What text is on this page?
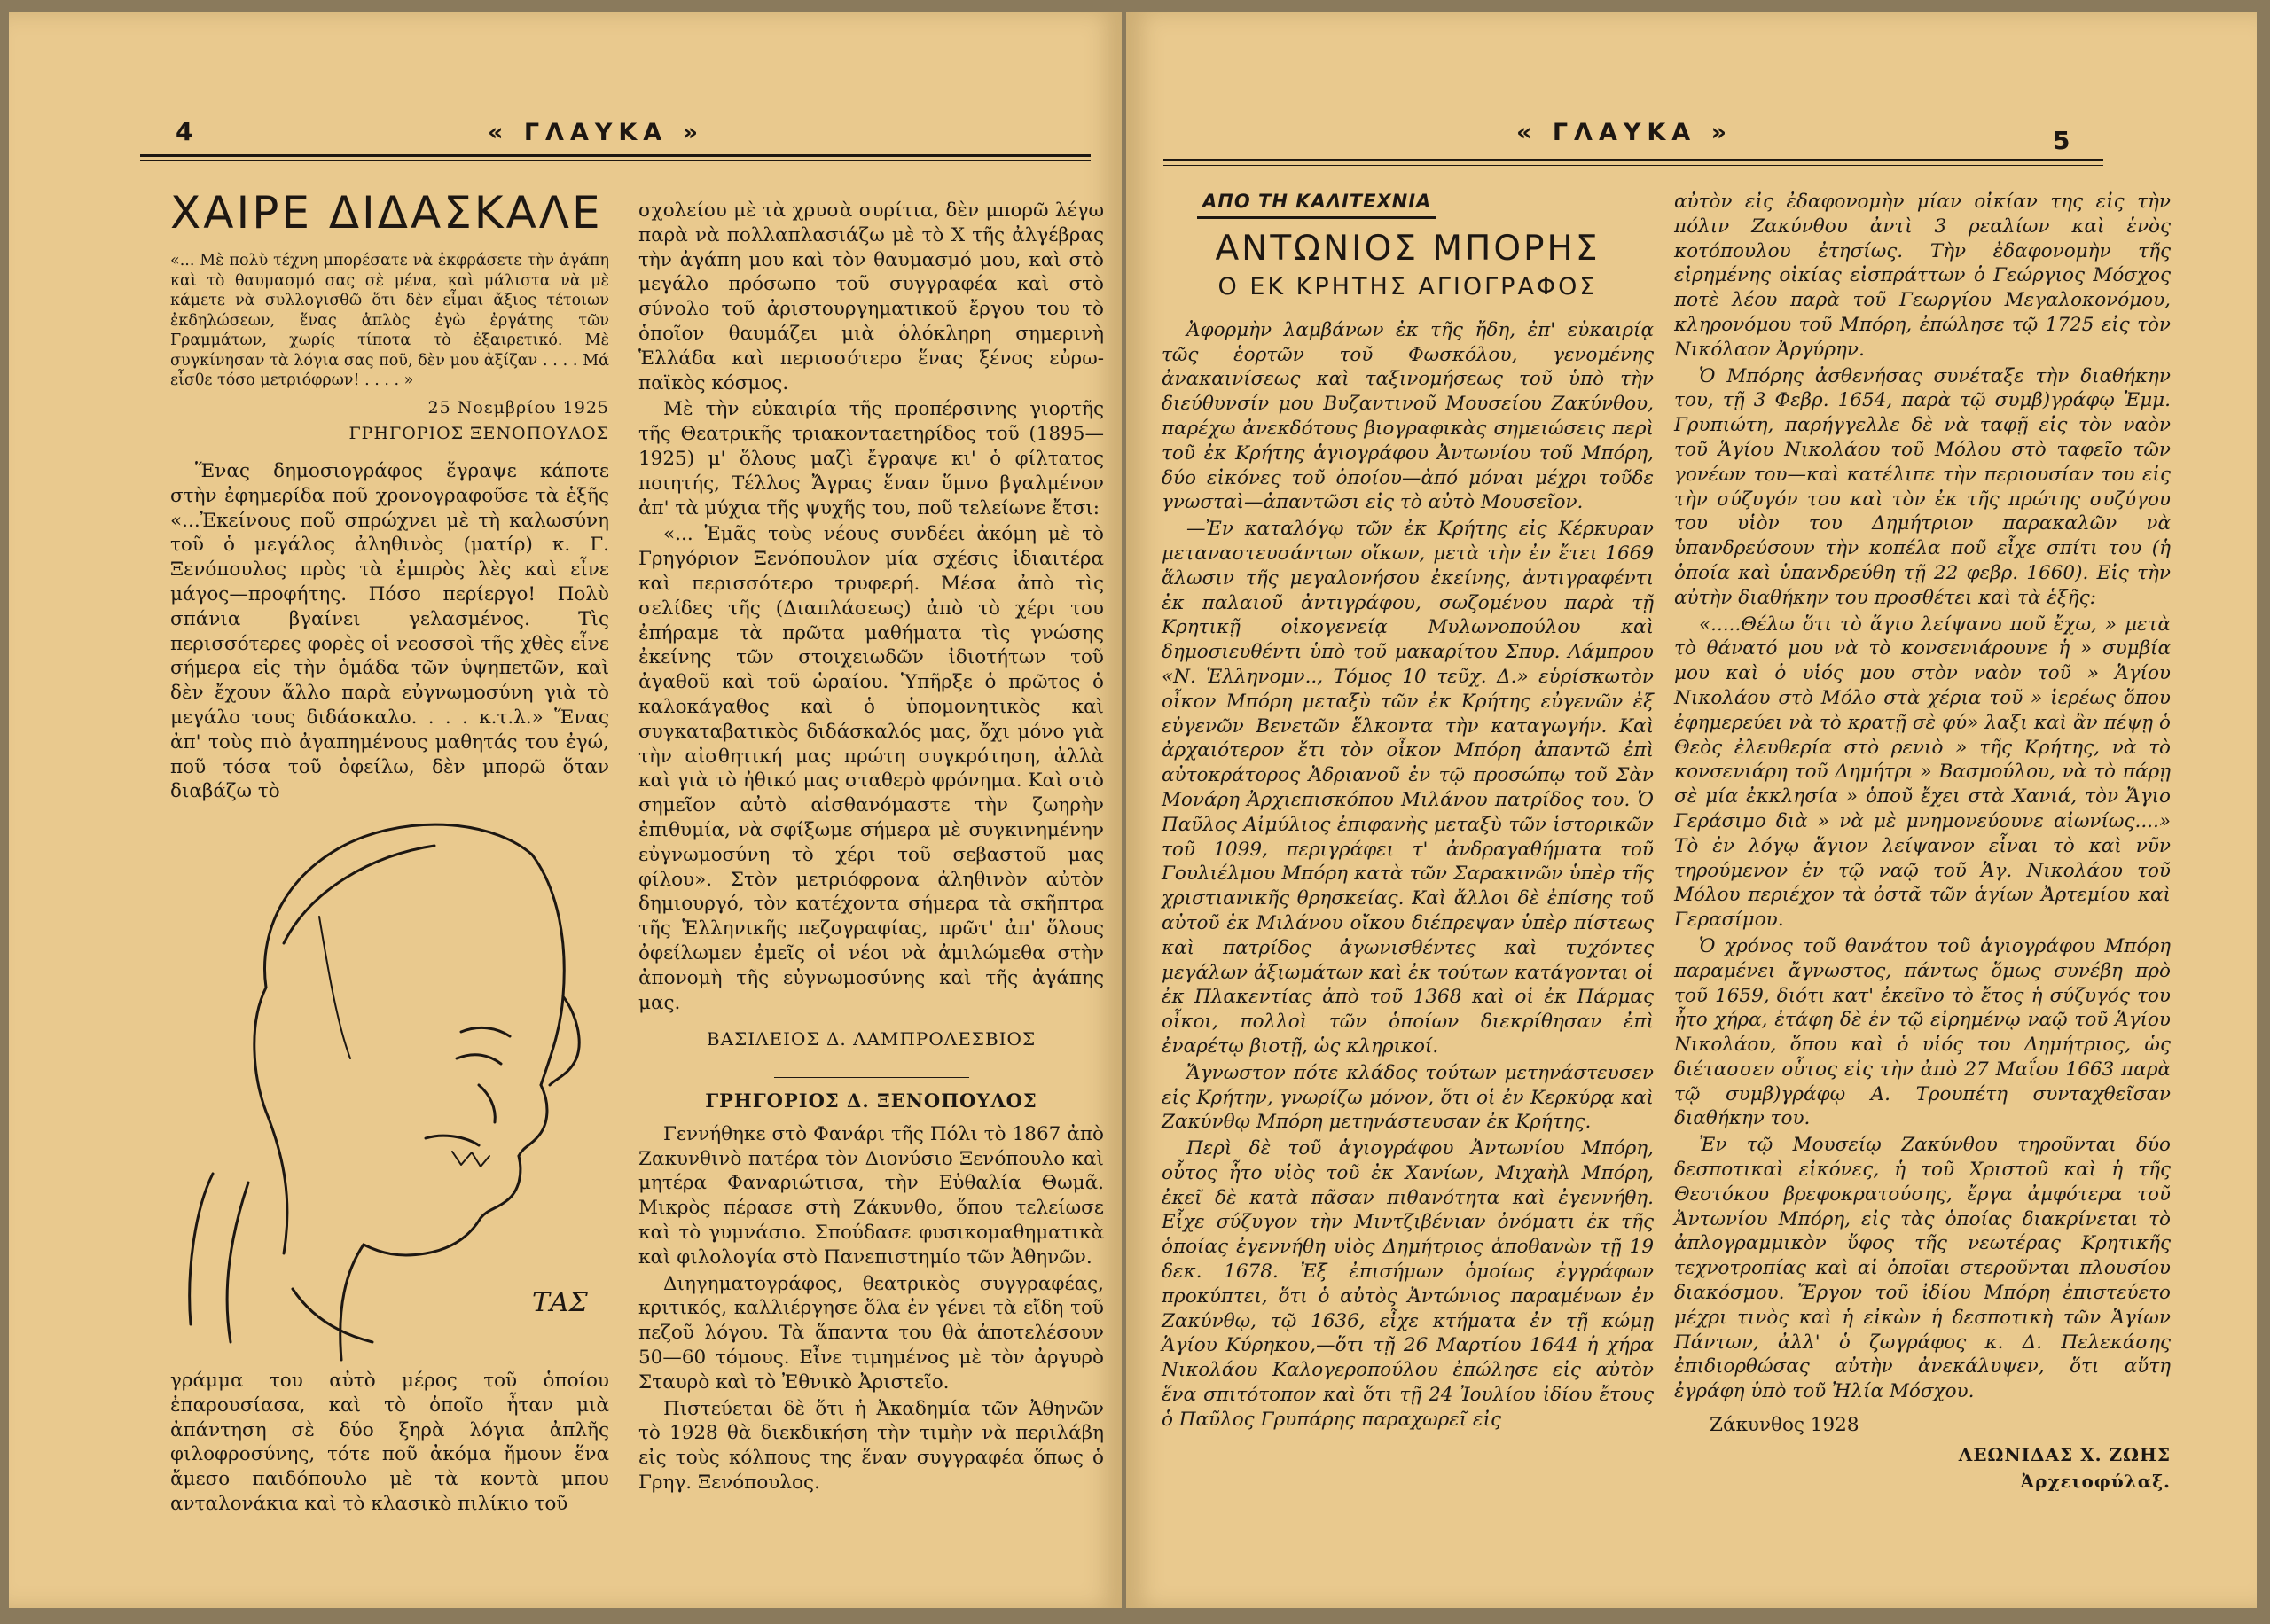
4	« ΓΛΑΥΚΑ »
ΧΑΙΡΕ ΔΙΔΑΣΚΑΛΕ

«... Μὲ πολὺ τέχνη μπορέσατε νὰ ἐκφράσετε τὴν ἀγάπη καὶ τὸ θαυμασμό σας σὲ μένα, καὶ μάλιστα νὰ μὲ κάμετε νὰ συλλογισθῶ ὅτι δὲν εἶμαι ἄξιος τέτοιων ἐκδηλώσεων, ἕνας ἁπλὸς ἐγὼ ἐργάτης τῶν Γραμμάτων, χωρίς τίποτα τὸ ἐξαιρετικό. Μὲ συγκίνησαν τὰ λόγια σας ποῦ, δὲν μου ἀξίζαν . . . . Μά εἶσθε τόσο μετριόφρων! . . . . »

25 Νοεμβρίου 1925

ΓΡΗΓΟΡΙΟΣ ΞΕΝΟΠΟΥΛΟΣ

Ἕνας δημοσιογράφος ἔγραψε κάποτε στὴν ἐφημερίδα ποῦ χρονογραφοῦσε τὰ ἑξῆς «...Ἐκείνους ποῦ σπρώχνει μὲ τὴ καλωσύνη τοῦ ὁ μεγάλος ἀληθινὸς (ματίρ) κ. Γ. Ξενόπουλος πρὸς τὰ ἐμπρὸς λὲς καὶ εἶνε μάγος—προφήτης. Πόσο περίεργο! Πολὺ σπάνια βγαίνει γελασμένος. Τὶς περισσότερες φορὲς οἱ νεοσσοὶ τῆς χθὲς εἶνε σήμερα εἰς τὴν ὁμάδα τῶν ὑψηπετῶν, καὶ δὲν ἔχουν ἄλλο παρὰ εὐγνωμοσύνη γιὰ τὸ μεγάλο τους διδάσκαλο. . . . κ.τ.λ.» Ἕνας ἀπ' τοὺς πιὸ ἀγαπημένους μαθητάς του ἐγώ, ποῦ τόσα τοῦ ὀφείλω, δὲν μπορῶ ὅταν διαβάζω τὸ

ΤΑΣ

γράμμα του αὐτὸ μέρος τοῦ ὁποίου ἐπαρουσίασα, καὶ τὸ ὁποῖο ἦταν μιὰ ἀπάντηση σὲ δύο ξηρὰ λόγια ἀπλῆς φιλοφροσύνης, τότε ποῦ ἀκόμα ἤμουν ἕνα ἄμεσο παιδόπουλο μὲ τὰ κοντὰ μπου ανταλονάκια καὶ τὸ κλασικὸ πιλίκιο τοῦ

σχολείου μὲ τὰ χρυσὰ συρίτια, δὲν μπορῶ λέγω παρὰ νὰ πολλαπλασιάζω μὲ τὸ Χ τῆς ἀλγέβρας τὴν ἀγάπη μου καὶ τὸν θαυμασμό μου, καὶ στὸ μεγάλο πρόσωπο τοῦ συγγραφέα καὶ στὸ σύνολο τοῦ ἀριστουργηματικοῦ ἔργου του τὸ ὁποῖον θαυμάζει μιὰ ὁλόκληρη σημερινὴ Ἑλλάδα καὶ περισσότερο ἕνας ξένος εὐρω-παϊκὸς κόσμος.

Μὲ τὴν εὐκαιρία τῆς προπέρσινης γιορτῆς τῆς Θεατρικῆς τριακονταετηρίδος τοῦ (1895—1925) μ' ὅλους μαζὶ ἔγραψε κι' ὁ φίλτατος ποιητής, Τέλλος Ἄγρας ἕναν ὕμνο βγαλμένον ἀπ' τὰ μύχια τῆς ψυχῆς του, ποῦ τελείωνε ἔτσι:

«... Ἐμᾶς τοὺς νέους συνδέει ἀκόμη μὲ τὸ Γρηγόριον Ξενόπουλον μία σχέσις ἰδιαιτέρα καὶ περισσότερο τρυφερή. Μέσα ἀπὸ τὶς σελίδες τῆς (Διαπλάσεως) ἀπὸ τὸ χέρι του ἐπήραμε τὰ πρῶτα μαθήματα τὶς γνώσης ἐκείνης τῶν στοιχειωδῶν ἰδιοτήτων τοῦ ἀγαθοῦ καὶ τοῦ ὡραίου. Ὑπῆρξε ὁ πρῶτος ὁ καλοκάγαθος καὶ ὁ ὑπομονητικὸς καὶ συγκαταβατικὸς διδάσκαλός μας, ὄχι μόνο γιὰ τὴν αἰσθητική μας πρώτη συγκρότηση, ἀλλὰ καὶ γιὰ τὸ ἠθικό μας σταθερὸ φρόνημα. Καὶ στὸ σημεῖον αὐτὸ αἰσθανόμαστε τὴν ζωηρὴν ἐπιθυμία, νὰ σφίξωμε σήμερα μὲ συγκινημένην εὐγνωμοσύνη τὸ χέρι τοῦ σεβαστοῦ μας φίλου». Στὸν μετριόφρονα ἀληθινὸν αὐτὸν δημιουργό, τὸν κατέχοντα σήμερα τὰ σκῆπτρα τῆς Ἑλληνικῆς πεζογραφίας, πρῶτ' ἀπ' ὅλους ὀφείλωμεν ἐμεῖς οἱ νέοι νὰ ἀμιλώμεθα στὴν ἀπονομὴ τῆς εὐγνωμοσύνης καὶ τῆς ἀγάπης μας.

ΒΑΣΙΛΕΙΟΣ Δ. ΛΑΜΠΡΟΛΕΣΒΙΟΣ

ΓΡΗΓΟΡΙΟΣ Δ. ΞΕΝΟΠΟΥΛΟΣ

Γεννήθηκε στὸ Φανάρι τῆς Πόλι τὸ 1867 ἀπὸ Ζακυνθινὸ πατέρα τὸν Διονύσιο Ξενόπουλο καὶ μητέρα Φαναριώτισα, τὴν Εὐθαλία Θωμᾶ. Μικρὸς πέρασε στὴ Ζάκυνθο, ὅπου τελείωσε καὶ τὸ γυμνάσιο. Σπούδασε φυσικομαθηματικὰ καὶ φιλολογία στὸ Πανεπιστημίο τῶν Ἀθηνῶν.

Διηγηματογράφος, θεατρικὸς συγγραφέας, κριτικός, καλλιέργησε ὅλα ἐν γένει τὰ εἴδη τοῦ πεζοῦ λόγου. Τὰ ἅπαντα του θὰ ἀποτελέσουν 50—60 τόμους. Εἶνε τιμημένος μὲ τὸν ἀργυρὸ Σταυρὸ καὶ τὸ Ἐθνικὸ Ἀριστεῖο.

Πιστεύεται δὲ ὅτι ἡ Ἀκαδημία τῶν Ἀθηνῶν τὸ 1928 θὰ διεκδικήση τὴν τιμὴν νὰ περιλάβη εἰς τοὺς κόλπους της ἕναν συγγραφέα ὅπως ὁ Γρηγ. Ξενόπουλος.

« ΓΛΑΥΚΑ »	5
ΑΠΟ ΤΗ ΚΑΛΙΤΕΧΝΙΑ
ΑΝΤΩΝΙΟΣ ΜΠΟΡΗΣ
Ο ΕΚ ΚΡΗΤΗΣ ΑΓΙΟΓΡΑΦΟΣ

Ἀφορμὴν λαμβάνων ἐκ τῆς ἤδη, ἐπ' εὐκαιρίᾳ τῶς ἑορτῶν τοῦ Φωσκόλου, γενομένης ἀνακαινίσεως καὶ ταξινομήσεως τοῦ ὑπὸ τὴν διεύθυνσίν μου Βυζαντινοῦ Μουσείου Ζακύνθου, παρέχω ἀνεκδότους βιογραφικὰς σημειώσεις περὶ τοῦ ἐκ Κρήτης ἁγιογράφου Ἀντωνίου τοῦ Μπόρη, δύο εἰκόνες τοῦ ὁποίου—ἀπό μόναι μέχρι τοῦδε γνωσταὶ—ἀπαντῶσι εἰς τὸ αὐτὸ Μουσεῖον.

—Ἐν καταλόγῳ τῶν ἐκ Κρήτης εἰς Κέρκυραν μεταναστευσάντων οἴκων, μετὰ τὴν ἐν ἔτει 1669 ἅλωσιν τῆς μεγαλονήσου ἐκείνης, ἀντιγραφέντι ἐκ παλαιοῦ ἀντιγράφου, σωζομένου παρὰ τῇ Κρητικῇ οἰκογενείᾳ Μυλωνοπούλου καὶ δημοσιευθέντι ὑπὸ τοῦ μακαρίτου Σπυρ. Λάμπρου «Ν. Ἑλληνομν.., Τόμος 10 τεῦχ. Δ.» εὑρίσκωτὸν οἶκον Μπόρη μεταξὺ τῶν ἐκ Κρήτης εὐγενῶν ἐξ εὐγενῶν Βενετῶν ἕλκοντα τὴν καταγωγήν. Καὶ ἀρχαιότερον ἔτι τὸν οἶκον Μπόρη ἀπαντῶ ἐπὶ αὐτοκράτορος Ἀδριανοῦ ἐν τῷ προσώπῳ τοῦ Σὰν Μονάρη Ἀρχιεπισκόπου Μιλάνου πατρίδος του. Ὁ Παῦλος Αἰμύλιος ἐπιφανὴς μεταξὺ τῶν ἱστορικῶν τοῦ 1099, περιγράφει τ' ἀνδραγαθήματα τοῦ Γουλιέλμου Μπόρη κατὰ τῶν Σαρακινῶν ὑπὲρ τῆς χριστιανικῆς θρησκείας. Καὶ ἄλλοι δὲ ἐπίσης τοῦ αὐτοῦ ἐκ Μιλάνου οἴκου διέπρεψαν ὑπὲρ πίστεως καὶ πατρίδος ἀγωνισθέντες καὶ τυχόντες μεγάλων ἀξιωμάτων καὶ ἐκ τούτων κατάγονται οἱ ἐκ Πλακεντίας ἀπὸ τοῦ 1368 καὶ οἱ ἐκ Πάρμας οἶκοι, πολλοὶ τῶν ὁποίων διεκρίθησαν ἐπὶ ἐναρέτῳ βιοτῇ, ὡς κληρικοί.

Ἄγνωστον πότε κλάδος τούτων μετηνάστευσεν εἰς Κρήτην, γνωρίζω μόνον, ὅτι οἱ ἐν Κερκύρᾳ καὶ Ζακύνθῳ Μπόρη μετηνάστευσαν ἐκ Κρήτης.

Περὶ δὲ τοῦ ἁγιογράφου Ἀντωνίου Μπόρη, οὗτος ἦτο υἱὸς τοῦ ἐκ Χανίων, Μιχαὴλ Μπόρη, ἐκεῖ δὲ κατὰ πᾶσαν πιθανότητα καὶ ἐγεννήθη. Εἶχε σύζυγον τὴν Μιντζιβένιαν ὀνόματι ἐκ τῆς ὁποίας ἐγεννήθη υἱὸς Δημήτριος ἀποθανὼν τῇ 19 δεκ. 1678. Ἐξ ἐπισήμων ὁμοίως ἐγγράφων προκύπτει, ὅτι ὁ αὐτὸς Ἀντώνιος παραμένων ἐν Ζακύνθῳ, τῷ 1636, εἶχε κτήματα ἐν τῇ κώμῃ Ἁγίου Κύρηκου,—ὅτι τῇ 26 Μαρτίου 1644 ἡ χήρα Νικολάου Καλογεροπούλου ἐπώλησε εἰς αὐτὸν ἕνα σπιτότοπον καὶ ὅτι τῇ 24 Ἰουλίου ἰδίου ἔτους ὁ Παῦλος Γρυπάρης παραχωρεῖ εἰς

αὐτὸν εἰς ἐδαφονομὴν μίαν οἰκίαν της εἰς τὴν πόλιν Ζακύνθου ἀντὶ 3 ρεαλίων καὶ ἑνὸς κοτόπουλου ἐτησίως. Τὴν ἐδαφονομὴν τῆς εἰρημένης οἰκίας εἰσπράττων ὁ Γεώργιος Μόσχος ποτὲ λέου παρὰ τοῦ Γεωργίου Μεγαλοκονόμου, κληρονόμου τοῦ Μπόρη, ἐπώλησε τῷ 1725 εἰς τὸν Νικόλαον Ἀργύρην.

Ὁ Μπόρης ἀσθενήσας συνέταξε τὴν διαθήκην του, τῇ 3 Φεβρ. 1654, παρὰ τῷ συμβ)γράφῳ Ἐμμ. Γρυπιώτη, παρήγγελλε δὲ νὰ ταφῇ εἰς τὸν ναὸν τοῦ Ἁγίου Νικολάου τοῦ Μόλου στὸ ταφεῖο τῶν γονέων του—καὶ κατέλιπε τὴν περιουσίαν του εἰς τὴν σύζυγόν του καὶ τὸν ἐκ τῆς πρώτης συζύγου του υἱὸν του Δημήτριον παρακαλῶν νὰ ὑπανδρεύσουν τὴν κοπέλα ποῦ εἶχε σπίτι του (ἡ ὁποία καὶ ὑπανδρεύθη τῇ 22 φεβρ. 1660). Εἰς τὴν αὐτὴν διαθήκην του προσθέτει καὶ τὰ ἑξῆς:

«.....Θέλω ὅτι τὸ ἅγιο λείψανο ποῦ ἔχω, » μετὰ τὸ θάνατό μου νὰ τὸ κονσενιάρουνε ἡ » συμβία μου καὶ ὁ υἱός μου στὸν ναὸν τοῦ » Ἁγίου Νικολάου στὸ Μόλο στὰ χέρια τοῦ » ἱερέως ὅπου ἐφημερεύει νὰ τὸ κρατῇ σὲ φύ» λαξι καὶ ἂν πέψῃ ὁ Θεὸς ἐλευθερία στὸ ρενιὸ » τῆς Κρήτης, νὰ τὸ κονσενιάρη τοῦ Δημήτρι » Βασμούλου, νὰ τὸ πάρῃ σὲ μία ἐκκλησία » ὁποῦ ἔχει στὰ Χανιά, τὸν Ἄγιο Γεράσιμο διὰ » νὰ μὲ μνημονεύουνε αἰωνίως....» Τὸ ἐν λόγῳ ἅγιον λείψανον εἶναι τὸ καὶ νῦν τηρούμενον ἐν τῷ ναῷ τοῦ Ἁγ. Νικολάου τοῦ Μόλου περιέχον τὰ ὀστᾶ τῶν ἁγίων Ἀρτεμίου καὶ Γερασίμου.

Ὁ χρόνος τοῦ θανάτου τοῦ ἁγιογράφου Μπόρη παραμένει ἄγνωστος, πάντως ὅμως συνέβη πρὸ τοῦ 1659, διότι κατ' ἐκεῖνο τὸ ἔτος ἡ σύζυγός του ἦτο χήρα, ἐτάφη δὲ ἐν τῷ εἰρημένῳ ναῷ τοῦ Ἁγίου Νικολάου, ὅπου καὶ ὁ υἱός του Δημήτριος, ὡς διέτασσεν οὗτος εἰς τὴν ἀπὸ 27 Μαΐου 1663 παρὰ τῷ συμβ)γράφῳ Α. Τρουπέτη συνταχθεῖσαν διαθήκην του.

Ἐν τῷ Μουσείῳ Ζακύνθου τηροῦνται δύο δεσποτικαὶ εἰκόνες, ἡ τοῦ Χριστοῦ καὶ ἡ τῆς Θεοτόκου βρεφοκρατούσης, ἔργα ἀμφότερα τοῦ Ἀντωνίου Μπόρη, εἰς τὰς ὁποίας διακρίνεται τὸ ἀπλογραμμικὸν ὕφος τῆς νεωτέρας Κρητικῆς τεχνοτροπίας καὶ αἱ ὁποῖαι στεροῦνται πλουσίου διακόσμου. Ἔργον τοῦ ἰδίου Μπόρη ἐπιστεύετο μέχρι τινὸς καὶ ἡ εἰκὼν ἡ δεσποτικὴ τῶν Ἁγίων Πάντων, ἀλλ' ὁ ζωγράφος κ. Δ. Πελεκάσης ἐπιδιορθώσας αὐτὴν ἀνεκάλυψεν, ὅτι αὕτη ἐγράφη ὑπὸ τοῦ Ἠλία Μόσχου.

Ζάκυνθος 1928

ΛΕΩΝΙΔΑΣ Χ. ΖΩΗΣ

Ἀρχειοφύλαξ.
